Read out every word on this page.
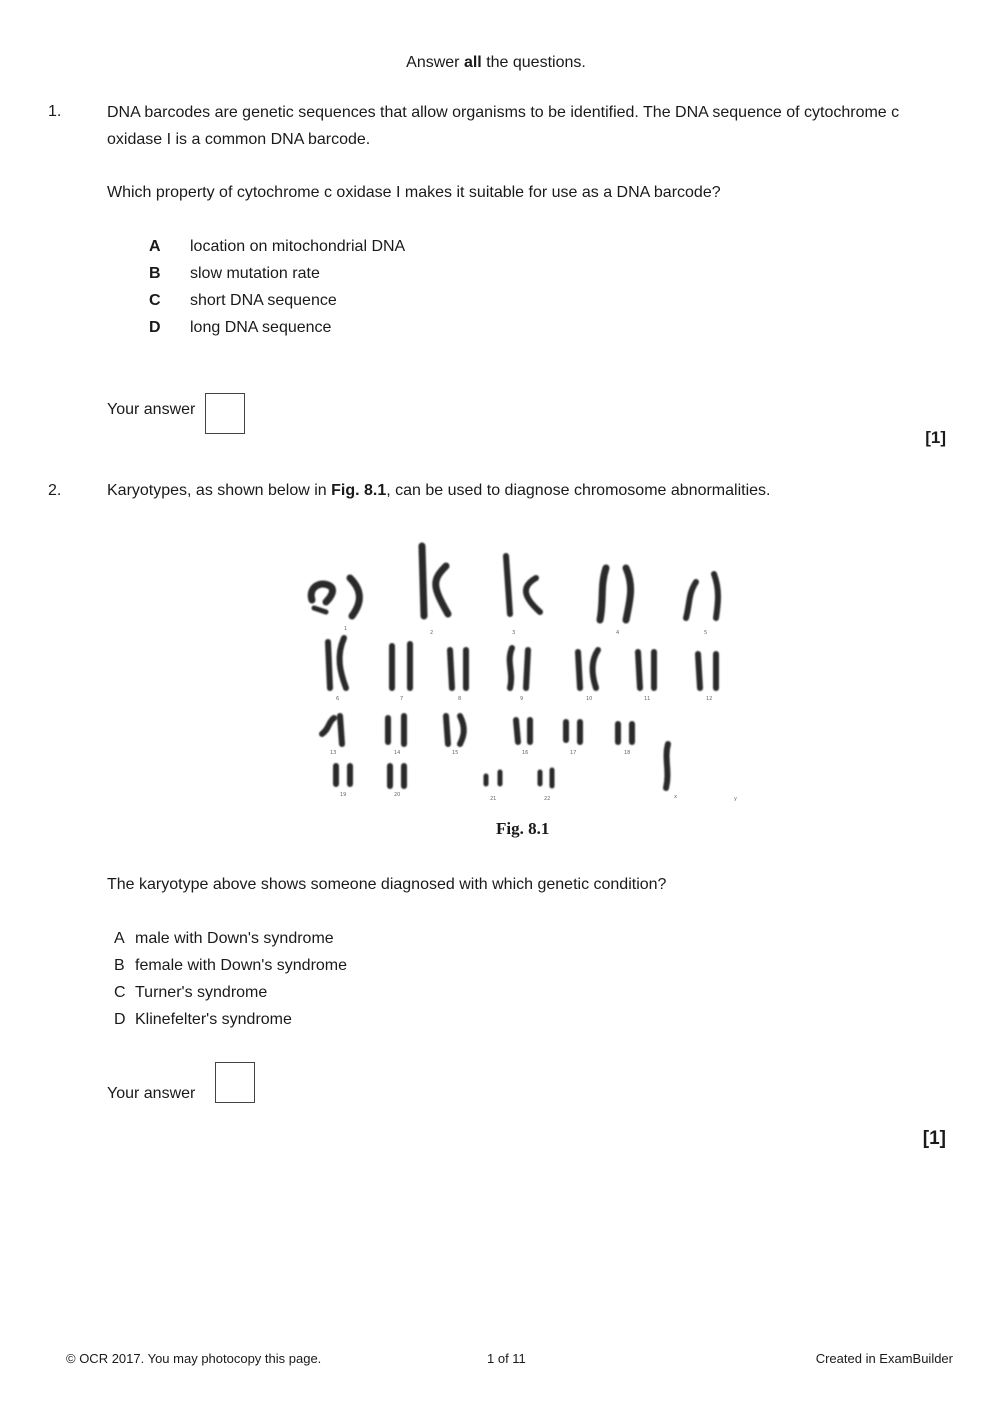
Answer all the questions.
1.	DNA barcodes are genetic sequences that allow organisms to be identified. The DNA sequence of cytochrome c
oxidase I is a common DNA barcode.
Which property of cytochrome c oxidase I makes it suitable for use as a DNA barcode?
A location on mitochondrial DNA
B slow mutation rate
C short DNA sequence
D long DNA sequence
Your answer
[1]
2.	Karyotypes, as shown below in Fig. 8.1, can be used to diagnose chromosome abnormalities.
1
2	3	4	5
6	7	8	9	10	11	12
13	14	15	16	17	18
19	20
21	22	x	y
Fig. 8.1
The karyotype above shows someone diagnosed with which genetic condition?
A male with Down's syndrome
B female with Down's syndrome
C Turner's syndrome
D Klinefelter's syndrome
Your answer
[1]
© OCR 2017. You may photocopy this page.	1 of 11	Created in ExamBuilder
